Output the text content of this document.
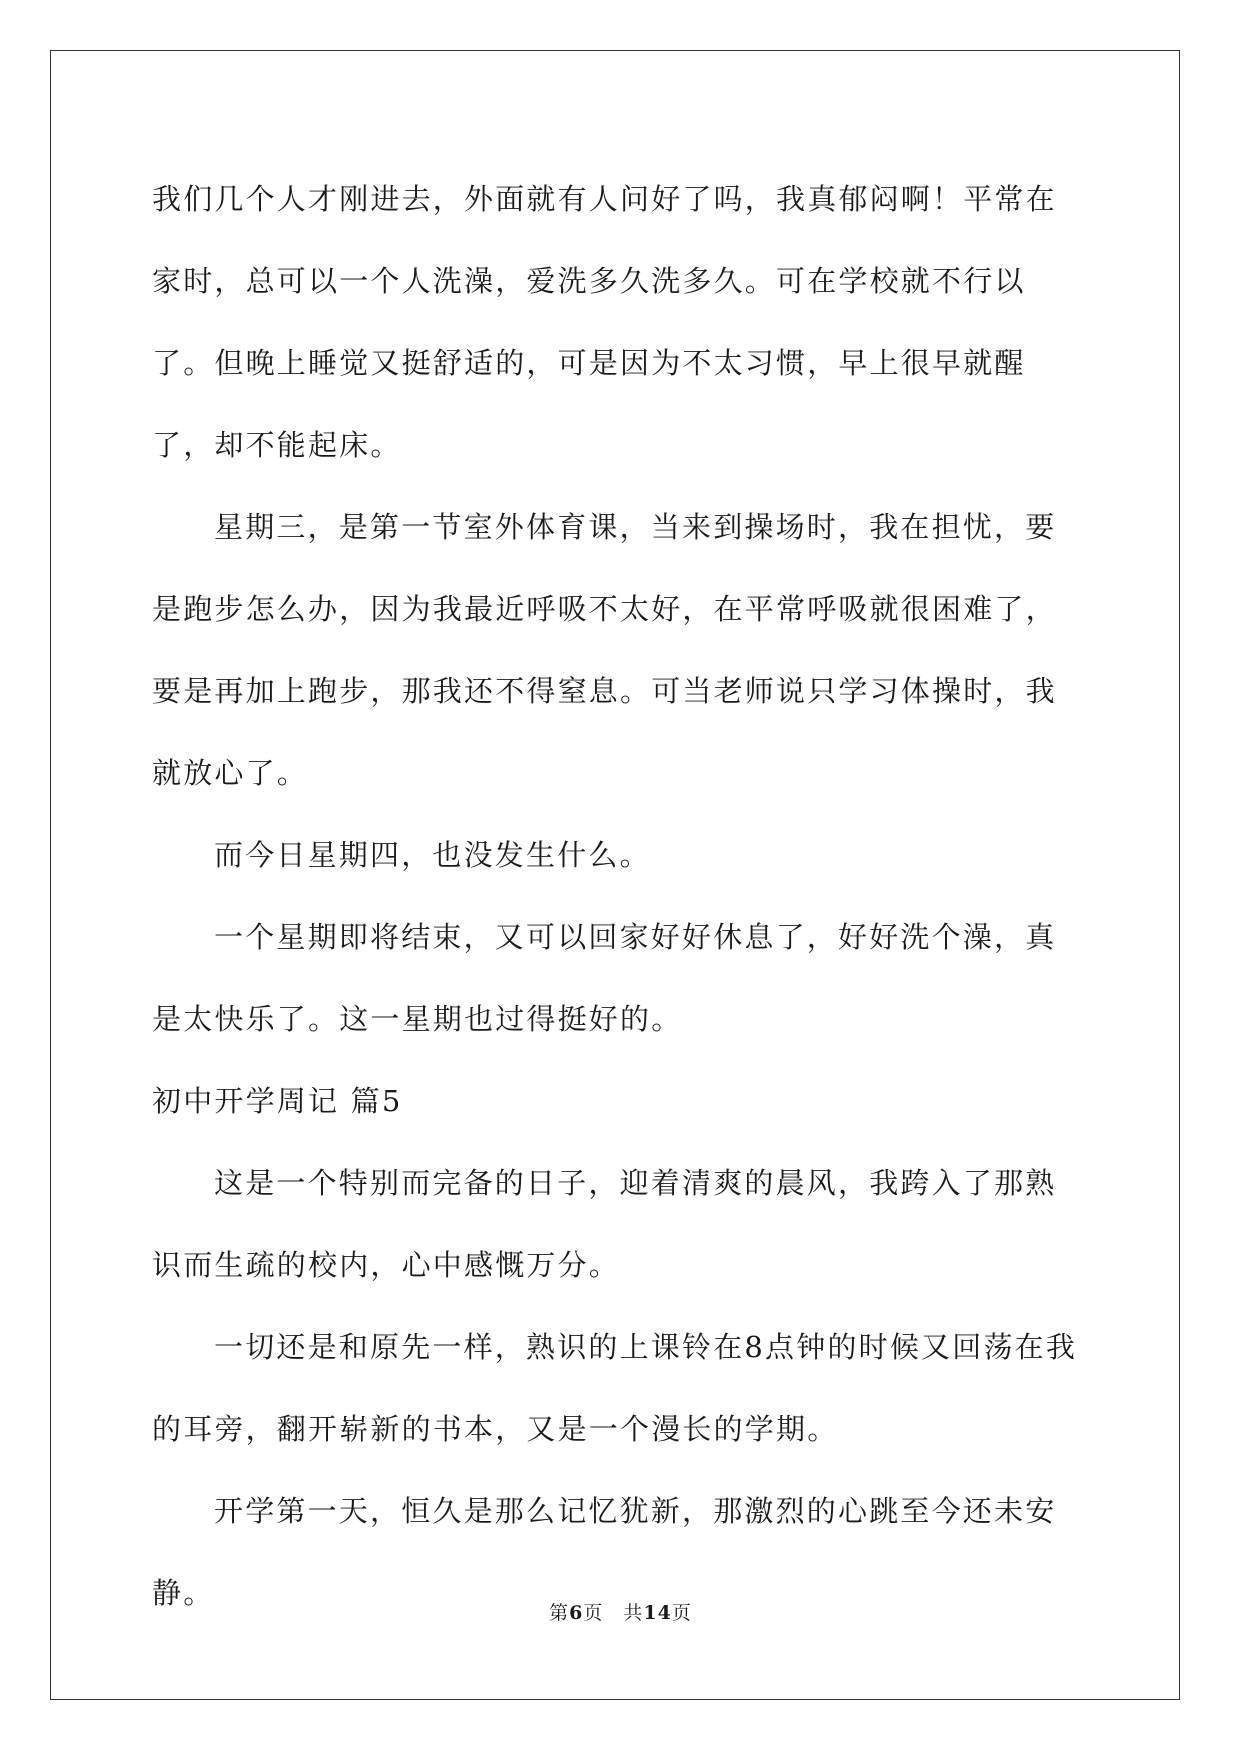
我们几个人才刚进去，外面就有人问好了吗，我真郁闷啊！平常在家时，总可以一个人洗澡，爱洗多久洗多久。可在学校就不行以了。但晚上睡觉又挺舒适的，可是因为不太习惯，早上很早就醒了，却不能起床。

星期三，是第一节室外体育课，当来到操场时，我在担忧，要是跑步怎么办，因为我最近呼吸不太好，在平常呼吸就很困难了，要是再加上跑步，那我还不得窒息。可当老师说只学习体操时，我就放心了。

而今日星期四，也没发生什么。

一个星期即将结束，又可以回家好好休息了，好好洗个澡，真是太快乐了。这一星期也过得挺好的。

初中开学周记 篇5

这是一个特别而完备的日子，迎着清爽的晨风，我跨入了那熟识而生疏的校内，心中感慨万分。

一切还是和原先一样，熟识的上课铃在8点钟的时候又回荡在我的耳旁，翻开崭新的书本，又是一个漫长的学期。

开学第一天，恒久是那么记忆犹新，那激烈的心跳至今还未安静。

第6页 共14页
